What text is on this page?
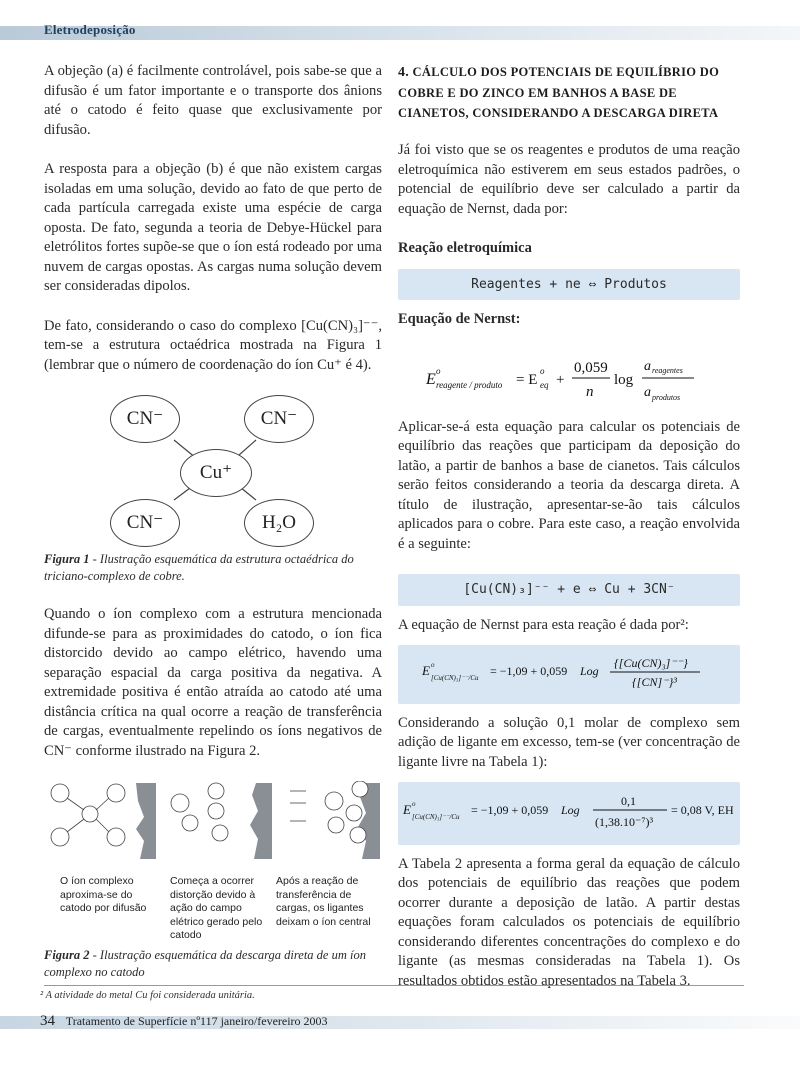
Eletrodeposição

A objeção (a) é facilmente controlável, pois sabe-se que a difusão é um fator importante e o transporte dos ânions até o catodo é feito quase que exclusivamente por difusão.

A resposta para a objeção (b) é que não existem cargas isoladas em uma solução, devido ao fato de que perto de cada partícula carregada existe uma espécie de carga oposta. De fato, segunda a teoria de Debye-Hückel para eletrólitos fortes supõe-se que o íon está rodeado por uma nuvem de cargas opostas. As cargas numa solução devem ser consideradas dipolos.

De fato, considerando o caso do complexo [Cu(CN)₃]⁻⁻, tem-se a estrutura octaédrica mostrada na Figura 1 (lembrar que o número de coordenação do íon Cu⁺ é 4).

CN⁻	CN⁻
Cu⁺
CN⁻	H₂O
Figura 1 - Ilustração esquemática da estrutura octaédrica do triciano-complexo de cobre.

Quando o íon complexo com a estrutura mencionada difunde-se para as proximidades do catodo, o íon fica distorcido devido ao campo elétrico, havendo uma separação espacial da carga positiva da negativa. A extremidade positiva é então atraída ao catodo até uma distância crítica na qual ocorre a reação de transferência de cargas, eventualmente repelindo os íons negativos de CN⁻ conforme ilustrado na Figura 2.

O íon complexo aproxima-se do catodo por difusão
Começa a ocorrer distorção devido à ação do campo elétrico gerado pelo catodo
Após a reação de transferência de cargas, os ligantes deixam o íon central
Figura 2 - Ilustração esquemática da descarga direta de um íon complexo no catodo
4. CÁLCULO DOS POTENCIAIS DE EQUILÍBRIO DO COBRE E DO ZINCO EM BANHOS A BASE DE CIANETOS, CONSIDERANDO A DESCARGA DIRETA

Já foi visto que se os reagentes e produtos de uma reação eletroquímica não estiverem em seus estados padrões, o potencial de equilíbrio deve ser calculado a partir da equação de Nernst, dada por:

Reação eletroquímica
Reagentes + ne ⇔ Produtos
Equação de Nernst:
E o
reagente / produto = E
o
eq +
0,059
n
log
a reagentes
a produtos

Aplicar-se-á esta equação para calcular os potenciais de equilíbrio das reações que participam da deposição do latão, a partir de banhos a base de cianetos. Tais cálculos serão feitos considerando a teoria da descarga direta. A título de ilustração, apresentar-se-ão tais cálculos aplicados para o cobre. Para este caso, a reação envolvida é a seguinte:

[Cu(CN)₃]⁻⁻ + e ⇔ Cu + 3CN⁻

A equação de Nernst para esta reação é dada por²:

E o
[Cu(CN)₃]⁻⁻/Cu = −1,09 + 0,059 Log
{[Cu(CN)₃]⁻⁻}
{[CN]⁻}³

Considerando a solução 0,1 molar de complexo sem adição de ligante em excesso, tem-se (ver concentração de ligante livre na Tabela 1):

E o
[Cu(CN)₃]⁻⁻/Cu = −1,09 + 0,059 Log
0,1
(1,38.10⁻⁷)³
= 0,08 V, EH

A Tabela 2 apresenta a forma geral da equação de cálculo dos potenciais de equilíbrio das reações que podem ocorrer durante a deposição de latão. A partir destas equações foram calculados os potenciais de equilíbrio considerando diferentes concentrações do complexo e do ligante (as mesmas consideradas na Tabela 1). Os resultados obtidos estão apresentados na Tabela 3.

² A atividade do metal Cu foi considerada unitária.
34 Tratamento de Superfície nº117 janeiro/fevereiro 2003
